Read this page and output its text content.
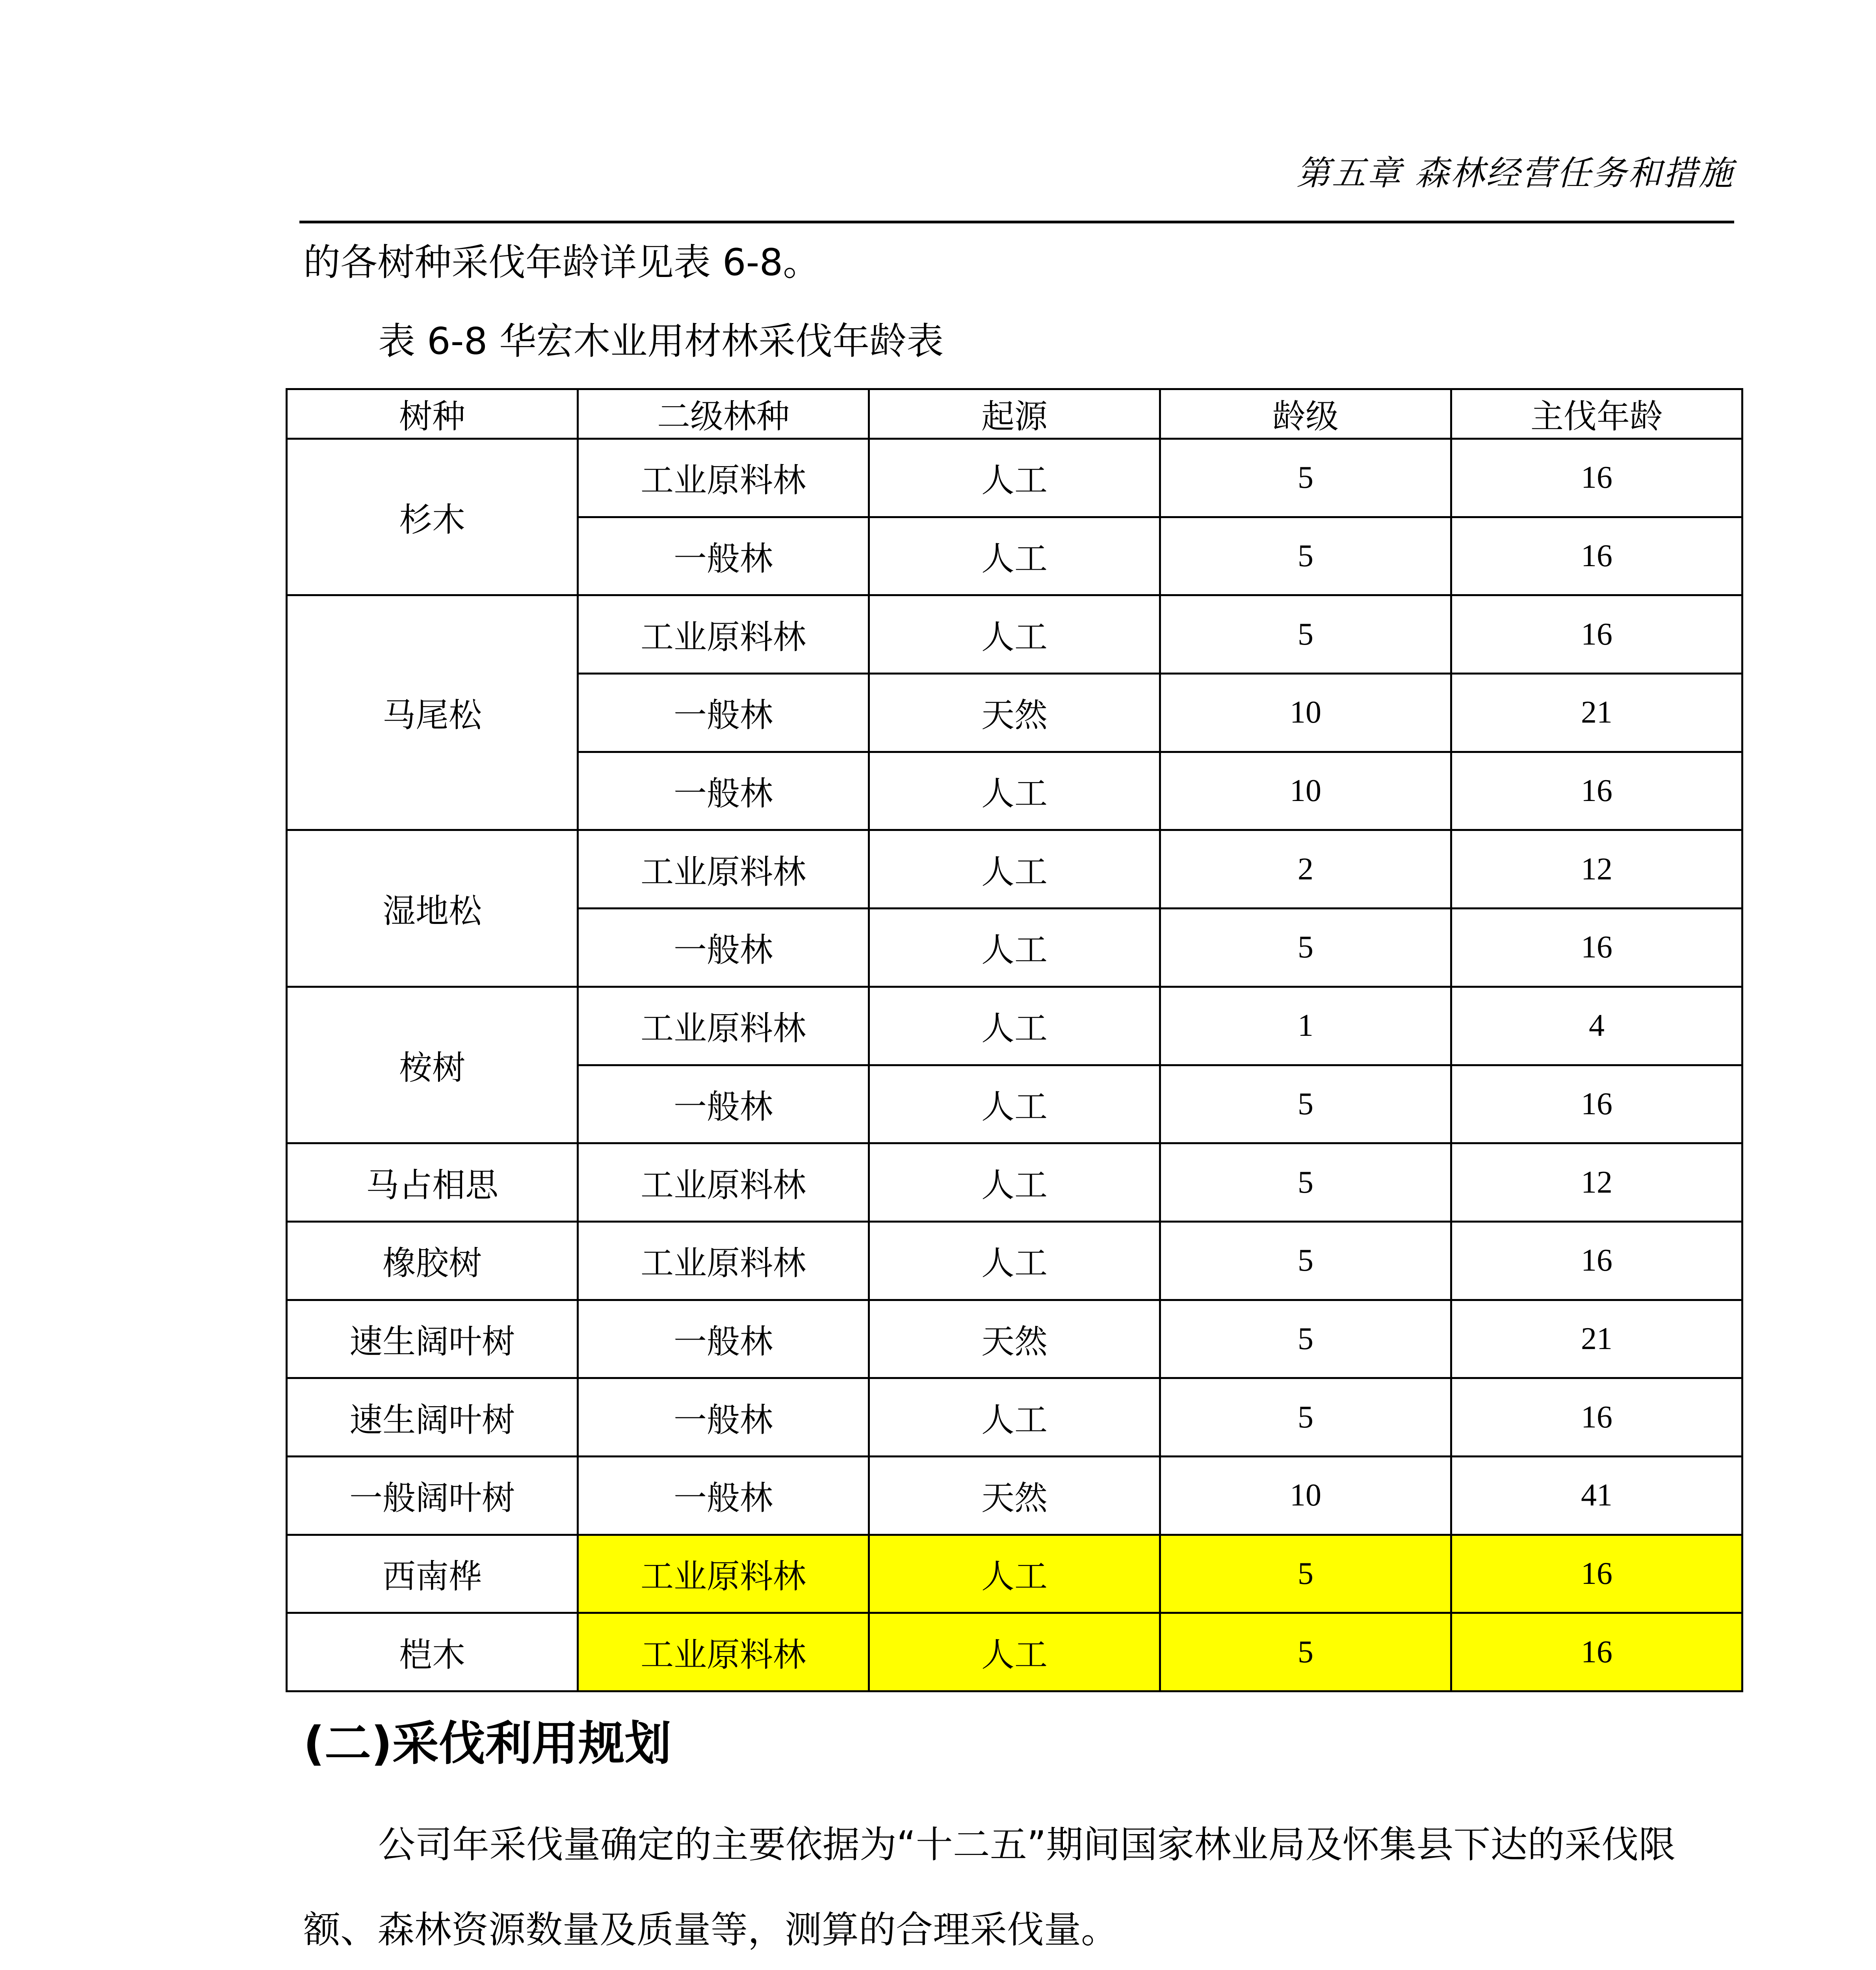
第五章 森林经营任务和措施
的各树种采伐年龄详见表 6-8。
表 6-8 华宏木业用材林采伐年龄表
树种	二级林种	起源	龄级	主伐年龄
杉木	工业原料林	人工	5	16
	一般林	人工	5	16
马尾松	工业原料林	人工	5	16
	一般林	天然	10	21
	一般林	人工	10	16
湿地松	工业原料林	人工	2	12
	一般林	人工	5	16
桉树	工业原料林	人工	1	4
	一般林	人工	5	16
马占相思	工业原料林	人工	5	12
橡胶树	工业原料林	人工	5	16
速生阔叶树	一般林	天然	5	21
速生阔叶树	一般林	人工	5	16
一般阔叶树	一般林	天然	10	41
西南桦	工业原料林	人工	5	16
桤木	工业原料林	人工	5	16
(二)采伐利用规划
公司年采伐量确定的主要依据为“十二五”期间国家林业局及怀集县下达的采伐限额、森林资源数量及质量等，测算的合理采伐量。
